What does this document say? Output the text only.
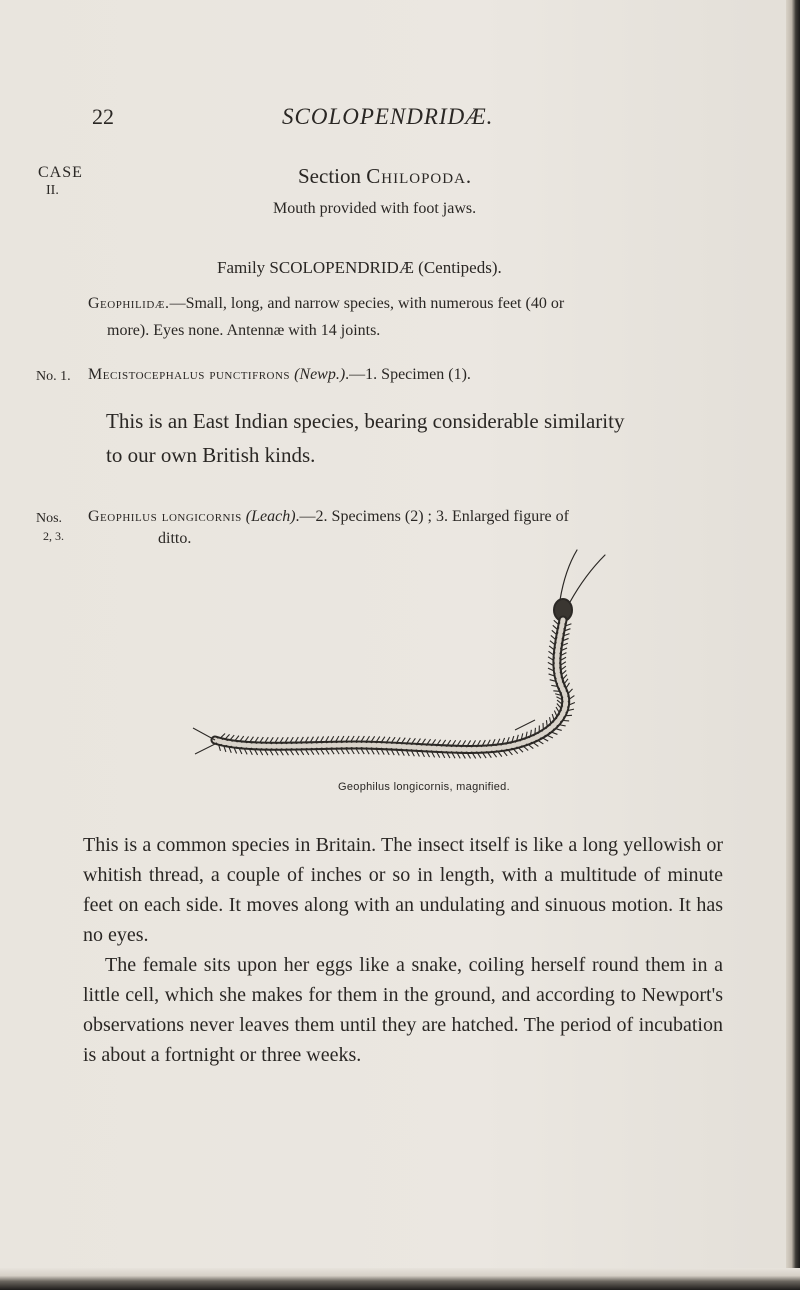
22	SCOLOPENDRIDÆ.
CASE
II.
Section Chilopoda.
Mouth provided with foot jaws.
Family SCOLOPENDRIDÆ (Centipeds).
Geophilidæ.—Small, long, and narrow species, with numerous feet (40 or
more). Eyes none. Antennæ with 14 joints.
No. 1. Mecistocephalus punctifrons (Newp.).—1. Specimen (1).
This is an East Indian species, bearing considerable similarity
to our own British kinds.
Nos.
2, 3.
Geophilus longicornis (Leach).—2. Specimens (2) ; 3. Enlarged figure of
ditto.
Geophilus longicornis, magnified.

This is a common species in Britain. The insect itself is like a long yellowish or whitish thread, a couple of inches or so in length, with a multitude of minute feet on each side. It moves along with an undulating and sinuous motion. It has no eyes.

The female sits upon her eggs like a snake, coiling herself round them in a little cell, which she makes for them in the ground, and according to Newport's observations never leaves them until they are hatched. The period of incubation is about a fortnight or three weeks.
